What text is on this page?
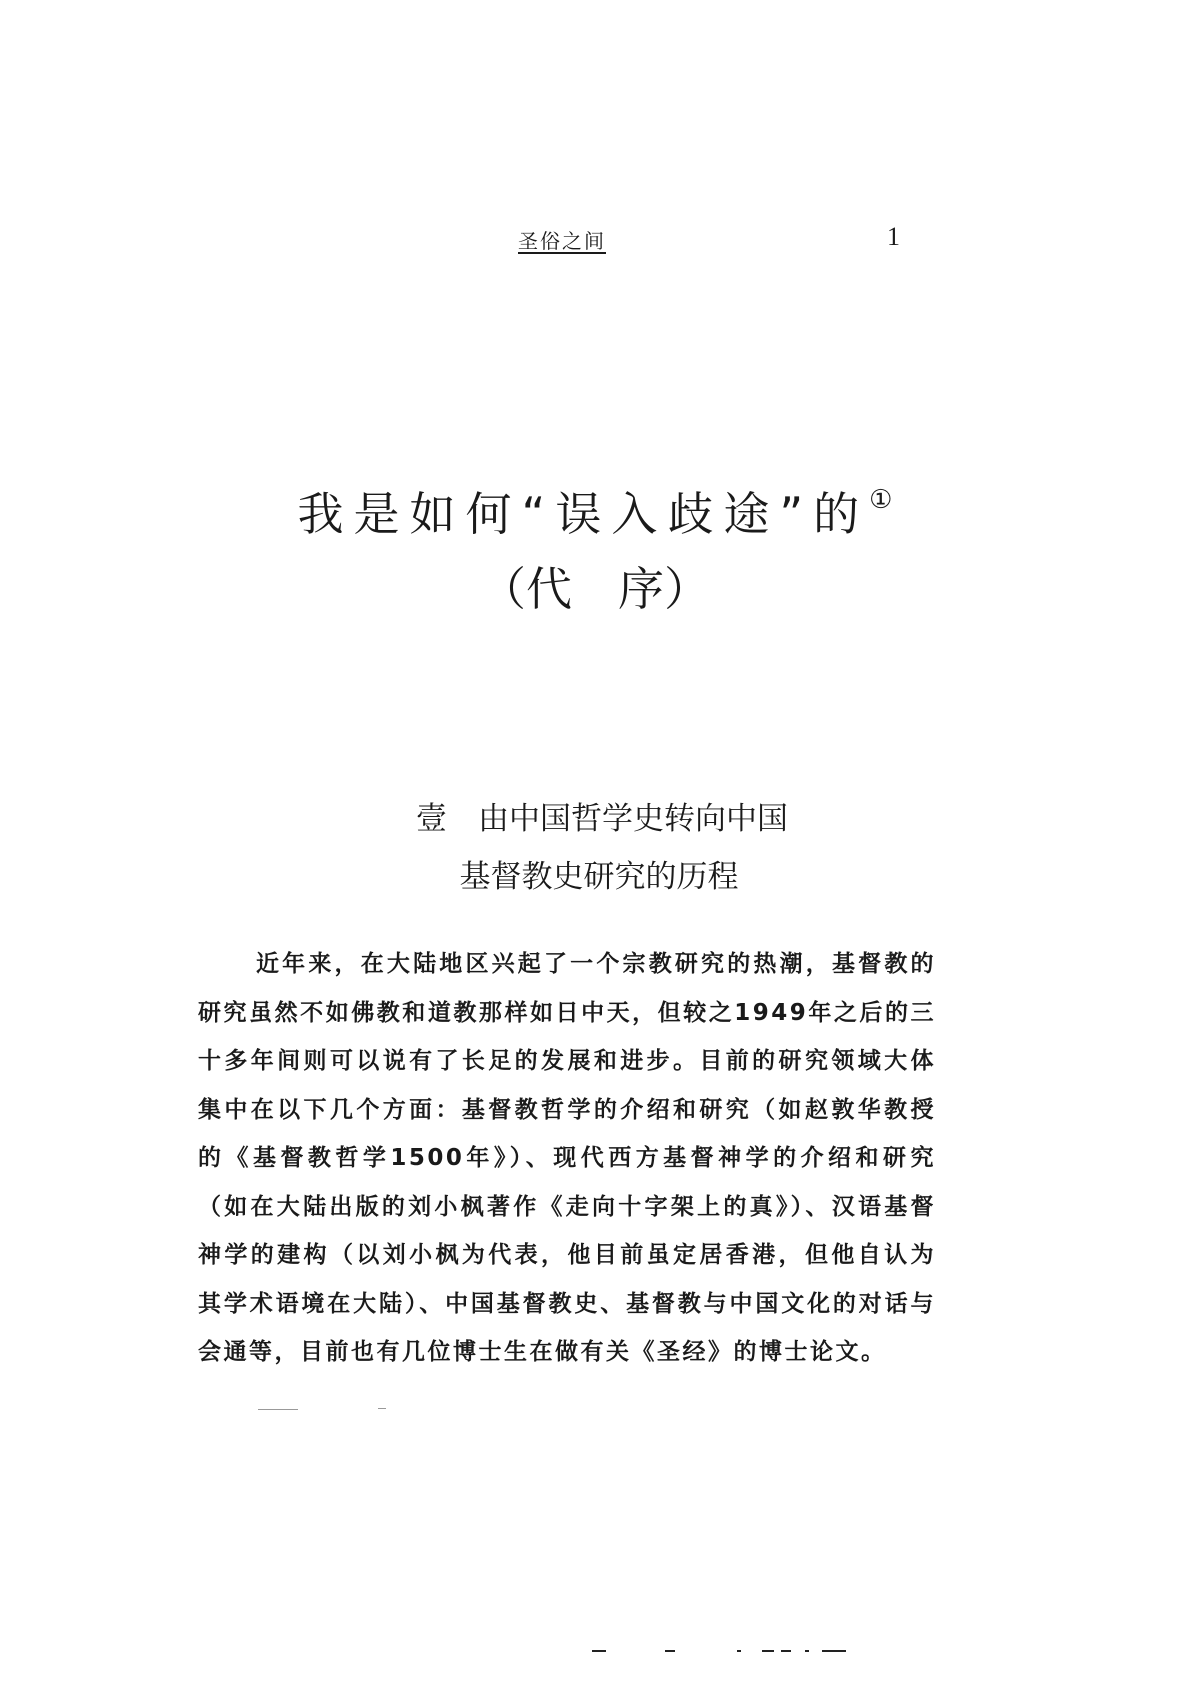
圣俗之间	1
我是如何“误入歧途”的①
（代　序）
壹　由中国哲学史转向中国
基督教史研究的历程

近年来，在大陆地区兴起了一个宗教研究的热潮，基督教的研究虽然不如佛教和道教那样如日中天，但较之1949年之后的三十多年间则可以说有了长足的发展和进步。目前的研究领域大体集中在以下几个方面：基督教哲学的介绍和研究（如赵敦华教授的《基督教哲学1500年》）、现代西方基督神学的介绍和研究（如在大陆出版的刘小枫著作《走向十字架上的真》）、汉语基督神学的建构（以刘小枫为代表，他目前虽定居香港，但他自认为其学术语境在大陆）、中国基督教史、基督教与中国文化的对话与会通等，目前也有几位博士生在做有关《圣经》的博士论文。
